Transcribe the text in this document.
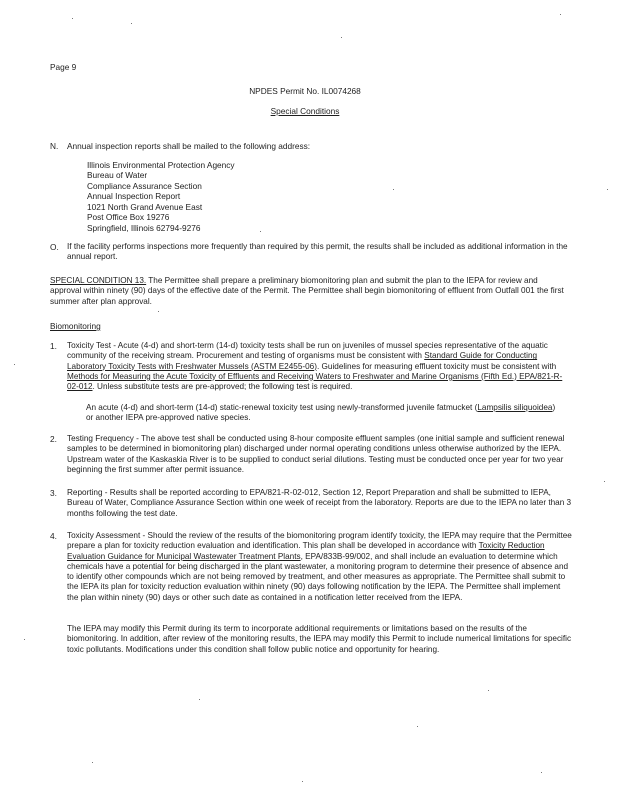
Page 9
NPDES Permit No. IL0074268
Special Conditions
N. Annual inspection reports shall be mailed to the following address:
Illinois Environmental Protection Agency
Bureau of Water
Compliance Assurance Section
Annual Inspection Report
1021 North Grand Avenue East
Post Office Box 19276
Springfield, Illinois 62794-9276
O. If the facility performs inspections more frequently than required by this permit, the results shall be included as additional information in the annual report.
SPECIAL CONDITION 13. The Permittee shall prepare a preliminary biomonitoring plan and submit the plan to the IEPA for review and approval within ninety (90) days of the effective date of the Permit. The Permittee shall begin biomonitoring of effluent from Outfall 001 the first summer after plan approval.
Biomonitoring
1. Toxicity Test - Acute (4-d) and short-term (14-d) toxicity tests shall be run on juveniles of mussel species representative of the aquatic community of the receiving stream. Procurement and testing of organisms must be consistent with Standard Guide for Conducting Laboratory Toxicity Tests with Freshwater Mussels (ASTM E2455-06). Guidelines for measuring effluent toxicity must be consistent with Methods for Measuring the Acute Toxicity of Effluents and Receiving Waters to Freshwater and Marine Organisms (Fifth Ed.) EPA/821-R-02-012. Unless substitute tests are pre-approved; the following test is required.
An acute (4-d) and short-term (14-d) static-renewal toxicity test using newly-transformed juvenile fatmucket (Lampsilis siliquoidea) or another IEPA pre-approved native species.
2. Testing Frequency - The above test shall be conducted using 8-hour composite effluent samples (one initial sample and sufficient renewal samples to be determined in biomonitoring plan) discharged under normal operating conditions unless otherwise authorized by the IEPA. Upstream water of the Kaskaskia River is to be supplied to conduct serial dilutions. Testing must be conducted once per year for two year beginning the first summer after permit issuance.
3. Reporting - Results shall be reported according to EPA/821-R-02-012, Section 12, Report Preparation and shall be submitted to IEPA, Bureau of Water, Compliance Assurance Section within one week of receipt from the laboratory. Reports are due to the IEPA no later than 3 months following the test date.
4. Toxicity Assessment - Should the review of the results of the biomonitoring program identify toxicity, the IEPA may require that the Permittee prepare a plan for toxicity reduction evaluation and identification. This plan shall be developed in accordance with Toxicity Reduction Evaluation Guidance for Municipal Wastewater Treatment Plants, EPA/833B-99/002, and shall include an evaluation to determine which chemicals have a potential for being discharged in the plant wastewater, a monitoring program to determine their presence of absence and to identify other compounds which are not being removed by treatment, and other measures as appropriate. The Permittee shall submit to the IEPA its plan for toxicity reduction evaluation within ninety (90) days following notification by the IEPA. The Permittee shall implement the plan within ninety (90) days or other such date as contained in a notification letter received from the IEPA.
The IEPA may modify this Permit during its term to incorporate additional requirements or limitations based on the results of the biomonitoring. In addition, after review of the monitoring results, the IEPA may modify this Permit to include numerical limitations for specific toxic pollutants. Modifications under this condition shall follow public notice and opportunity for hearing.
